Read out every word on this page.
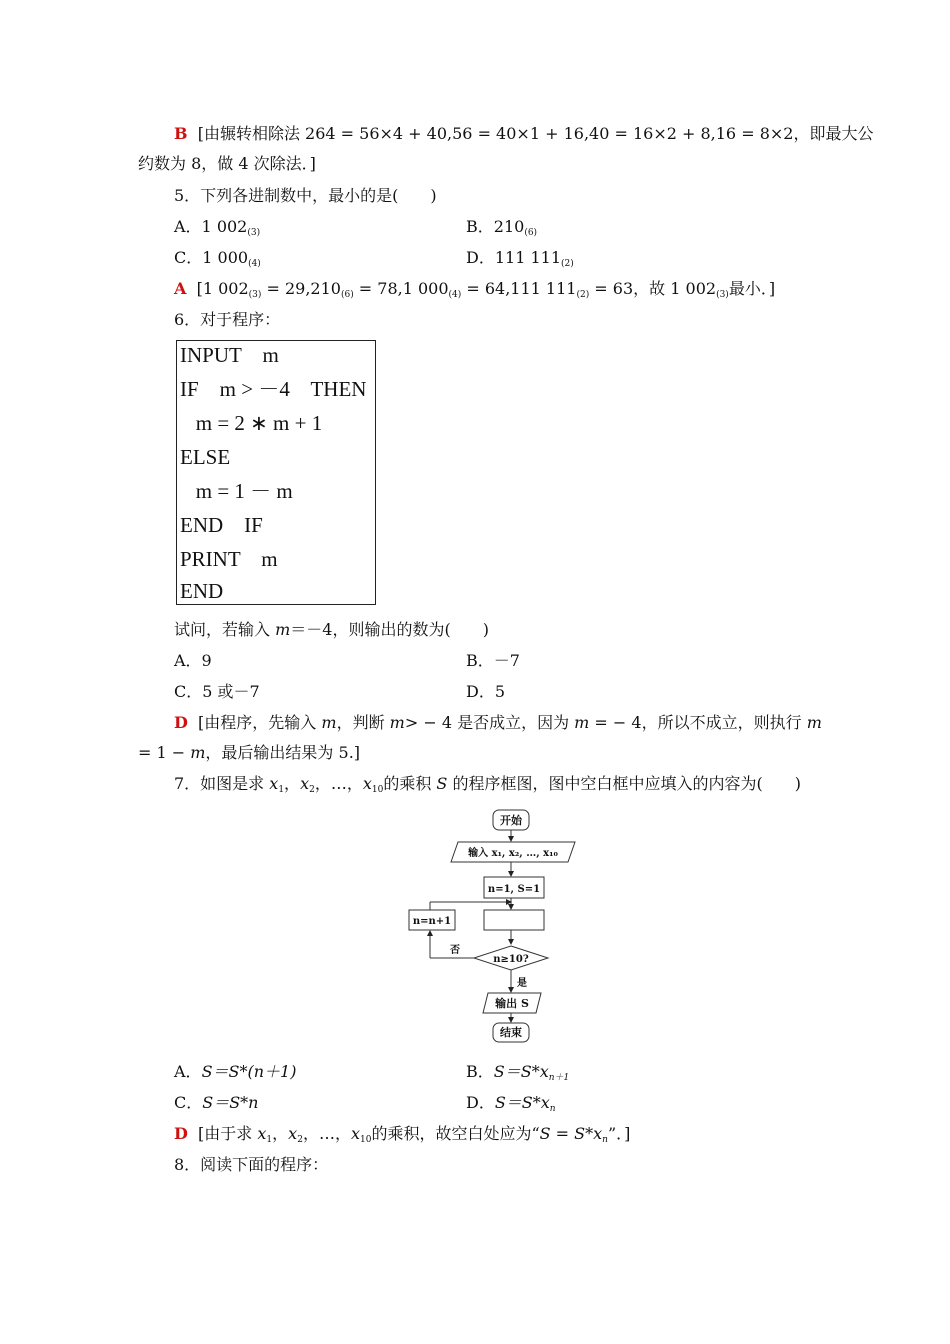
B [由辗转相除法 264 = 56×4 + 40,56 = 40×1 + 16,40 = 16×2 + 8,16 = 8×2，即最大公
约数为 8，做 4 次除法．]
5．下列各进制数中，最小的是(　　)
A．1 $002_{(3)}$	B．$210_{(6)}$
C．1 $000_{(4)}$	D．111 $111_{(2)}$
A [1 $002_{(3)} = 29,210_{(6)} = 78,1$ $000_{(4)} = 64,111$ $111_{(2)} = 63$，故 1 $002_{(3)}$最小．]
6．对于程序：
INPUT    m
IF    m > －4    THEN
m = 2 ∗ m + 1
ELSE
m = 1 － m
END    IF
PRINT    m
END
试问，若输入 m＝－4，则输出的数为(　　)
A．9	B．－7
C．5 或－7	D．5
D [由程序，先输入 m，判断 m> − 4 是否成立，因为 m = − 4，所以不成立，则执行 m
= 1 − m，最后输出结果为 5.]
7．如图是求 $x_1$，$x_2$，…，$x_{10}$的乘积 S 的程序框图，图中空白框中应填入的内容为(　　)
开始
输入 x₁, x₂, …, x₁₀
n=1, S=1
n=n+1
n≥10?
否
是
输出 S
结束
A．S＝S*(n＋1)	B．$S=S*x_{n+1}$
C．S＝S*n	D．$S=S*x_n$
D [由于求 $x_1$，$x_2$，…，$x_{10}$的乘积，故空白处应为“$S = S*x_n$”．]
8．阅读下面的程序：
